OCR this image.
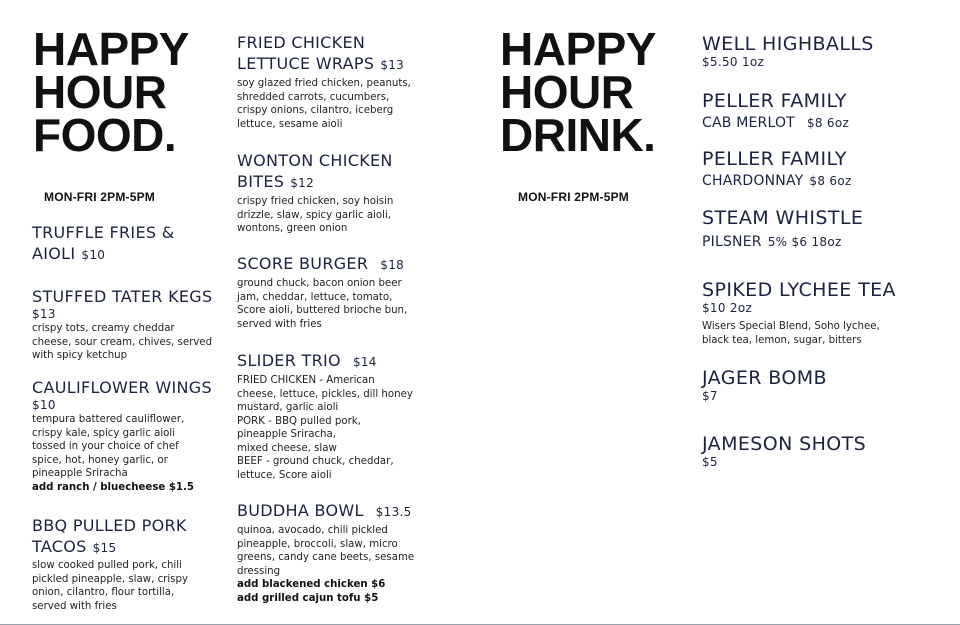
HAPPY
HOUR
FOOD.
MON-FRI 2PM-5PM
TRUFFLE FRIES &
AIOLI $10
STUFFED TATER KEGS
$13
crispy tots, creamy cheddar
cheese, sour cream, chives, served
with spicy ketchup
CAULIFLOWER WINGS
$10
tempura battered cauliflower,
crispy kale, spicy garlic aioli
tossed in your choice of chef
spice, hot, honey garlic, or
pineapple Sriracha
add ranch / bluecheese $1.5
BBQ PULLED PORK
TACOS $15
slow cooked pulled pork, chili
pickled pineapple, slaw, crispy
onion, cilantro, flour tortilla,
served with fries
FRIED CHICKEN
LETTUCE WRAPS $13
soy glazed fried chicken, peanuts,
shredded carrots, cucumbers,
crispy onions, cilantro, iceberg
lettuce, sesame aioli
WONTON CHICKEN
BITES $12
crispy fried chicken, soy hoisin
drizzle, slaw, spicy garlic aioli,
wontons, green onion
SCORE BURGER $18
ground chuck, bacon onion beer
jam, cheddar, lettuce, tomato,
Score aioli, buttered brioche bun,
served with fries
SLIDER TRIO $14
FRIED CHICKEN - American
cheese, lettuce, pickles, dill honey
mustard, garlic aioli
PORK - BBQ pulled pork,
pineapple Sriracha,
mixed cheese, slaw
BEEF - ground chuck, cheddar,
lettuce, Score aioli
BUDDHA BOWL $13.5
quinoa, avocado, chili pickled
pineapple, broccoli, slaw, micro
greens, candy cane beets, sesame
dressing
add blackened chicken $6
add grilled cajun tofu $5
HAPPY
HOUR
DRINK.
MON-FRI 2PM-5PM
WELL HIGHBALLS
$5.50 1oz
PELLER FAMILY
CAB MERLOT $8 6oz
PELLER FAMILY
CHARDONNAY $8 6oz
STEAM WHISTLE
PILSNER 5% $6 18oz
SPIKED LYCHEE TEA
$10 2oz
Wisers Special Blend, Soho lychee,
black tea, lemon, sugar, bitters
JAGER BOMB
$7
JAMESON SHOTS
$5
